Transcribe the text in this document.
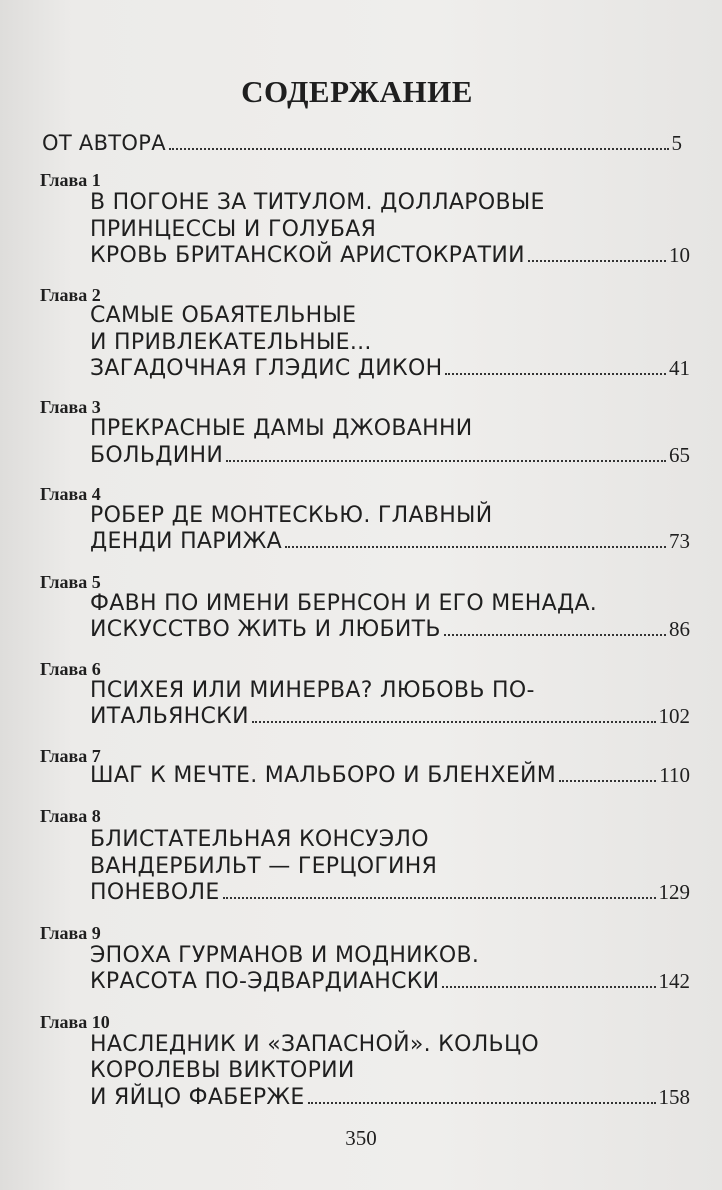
СОДЕРЖАНИЕ
ОТ АВТОРА	5
Глава 1
В ПОГОНЕ ЗА ТИТУЛОМ. ДОЛЛАРОВЫЕ
ПРИНЦЕССЫ И ГОЛУБАЯ
КРОВЬ БРИТАНСКОЙ АРИСТОКРАТИИ	10
Глава 2
САМЫЕ ОБАЯТЕЛЬНЫЕ
И ПРИВЛЕКАТЕЛЬНЫЕ...
ЗАГАДОЧНАЯ ГЛЭДИС ДИКОН	41
Глава 3
ПРЕКРАСНЫЕ ДАМЫ ДЖОВАННИ
БОЛЬДИНИ	65
Глава 4
РОБЕР ДЕ МОНТЕСКЬЮ. ГЛАВНЫЙ
ДЕНДИ ПАРИЖА	73
Глава 5
ФАВН ПО ИМЕНИ БЕРНСОН И ЕГО МЕНАДА.
ИСКУССТВО ЖИТЬ И ЛЮБИТЬ	86
Глава 6
ПСИХЕЯ ИЛИ МИНЕРВА? ЛЮБОВЬ ПО-
ИТАЛЬЯНСКИ	102
Глава 7
ШАГ К МЕЧТЕ. МАЛЬБОРО И БЛЕНХЕЙМ	110
Глава 8
БЛИСТАТЕЛЬНАЯ КОНСУЭЛО
ВАНДЕРБИЛЬТ — ГЕРЦОГИНЯ
ПОНЕВОЛЕ	129
Глава 9
ЭПОХА ГУРМАНОВ И МОДНИКОВ.
КРАСОТА ПО-ЭДВАРДИАНСКИ	142
Глава 10
НАСЛЕДНИК И «ЗАПАСНОЙ». КОЛЬЦО
КОРОЛЕВЫ ВИКТОРИИ
И ЯЙЦО ФАБЕРЖЕ	158
350
